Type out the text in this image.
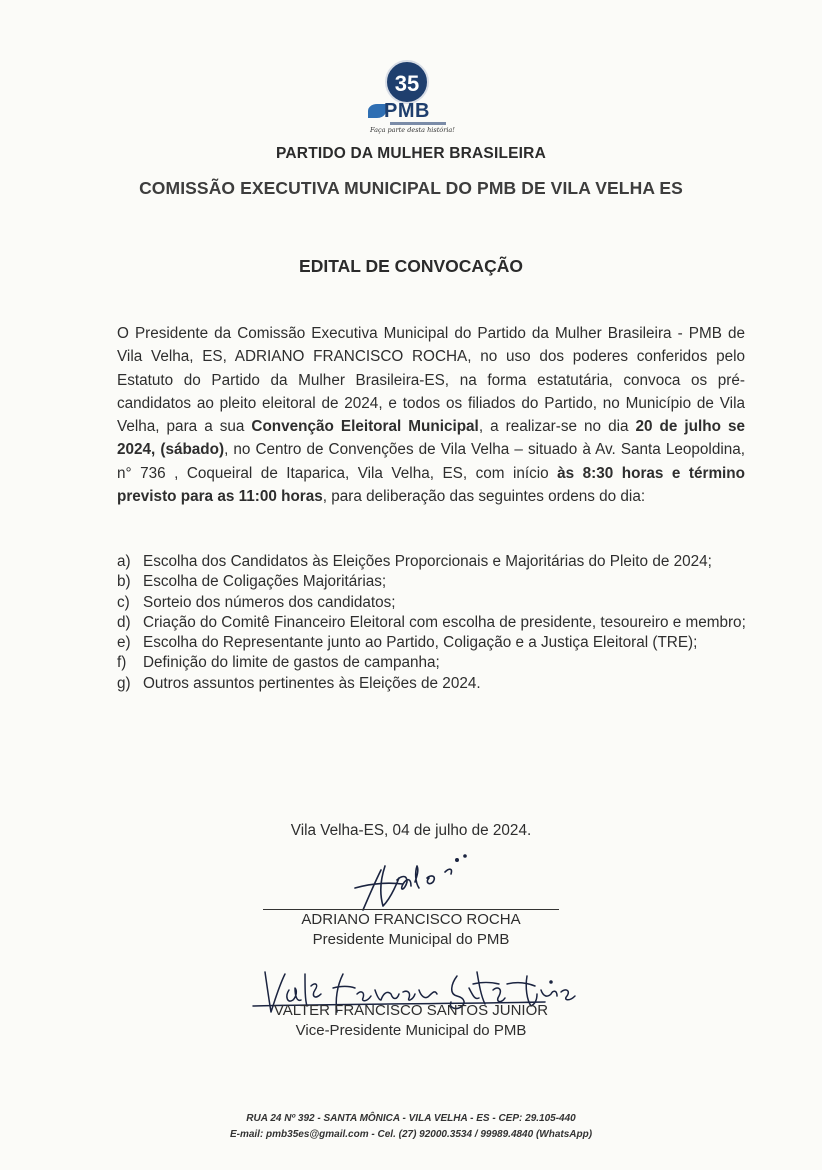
35
PMB
Faça parte desta história!
PARTIDO DA MULHER BRASILEIRA
COMISSÃO EXECUTIVA MUNICIPAL DO PMB DE VILA VELHA ES
EDITAL DE CONVOCAÇÃO
O Presidente da Comissão Executiva Municipal do Partido da Mulher Brasileira - PMB de Vila Velha, ES, ADRIANO FRANCISCO ROCHA, no uso dos poderes conferidos pelo Estatuto do Partido da Mulher Brasileira-ES, na forma estatutária, convoca os pré-candidatos ao pleito eleitoral de 2024, e todos os filiados do Partido, no Município de Vila Velha, para a sua Convenção Eleitoral Municipal, a realizar-se no dia 20 de julho se 2024, (sábado), no Centro de Convenções de Vila Velha – situado à Av. Santa Leopoldina, n° 736 , Coqueiral de Itaparica, Vila Velha, ES, com início às 8:30 horas e término previsto para as 11:00 horas, para deliberação das seguintes ordens do dia:
a) Escolha dos Candidatos às Eleições Proporcionais e Majoritárias do Pleito de 2024;
b) Escolha de Coligações Majoritárias;
c) Sorteio dos números dos candidatos;
d) Criação do Comitê Financeiro Eleitoral com escolha de presidente, tesoureiro e membro;
e) Escolha do Representante junto ao Partido, Coligação e a Justiça Eleitoral (TRE);
f) Definição do limite de gastos de campanha;
g) Outros assuntos pertinentes às Eleições de 2024.
Vila Velha-ES, 04 de julho de 2024.
ADRIANO FRANCISCO ROCHA
Presidente Municipal do PMB
VALTER FRANCISCO SANTOS JUNIOR
Vice-Presidente Municipal do PMB
RUA 24 Nº 392 - SANTA MÔNICA - VILA VELHA - ES - CEP: 29.105-440
E-mail: pmb35es@gmail.com - Cel. (27) 92000.3534 / 99989.4840 (WhatsApp)
